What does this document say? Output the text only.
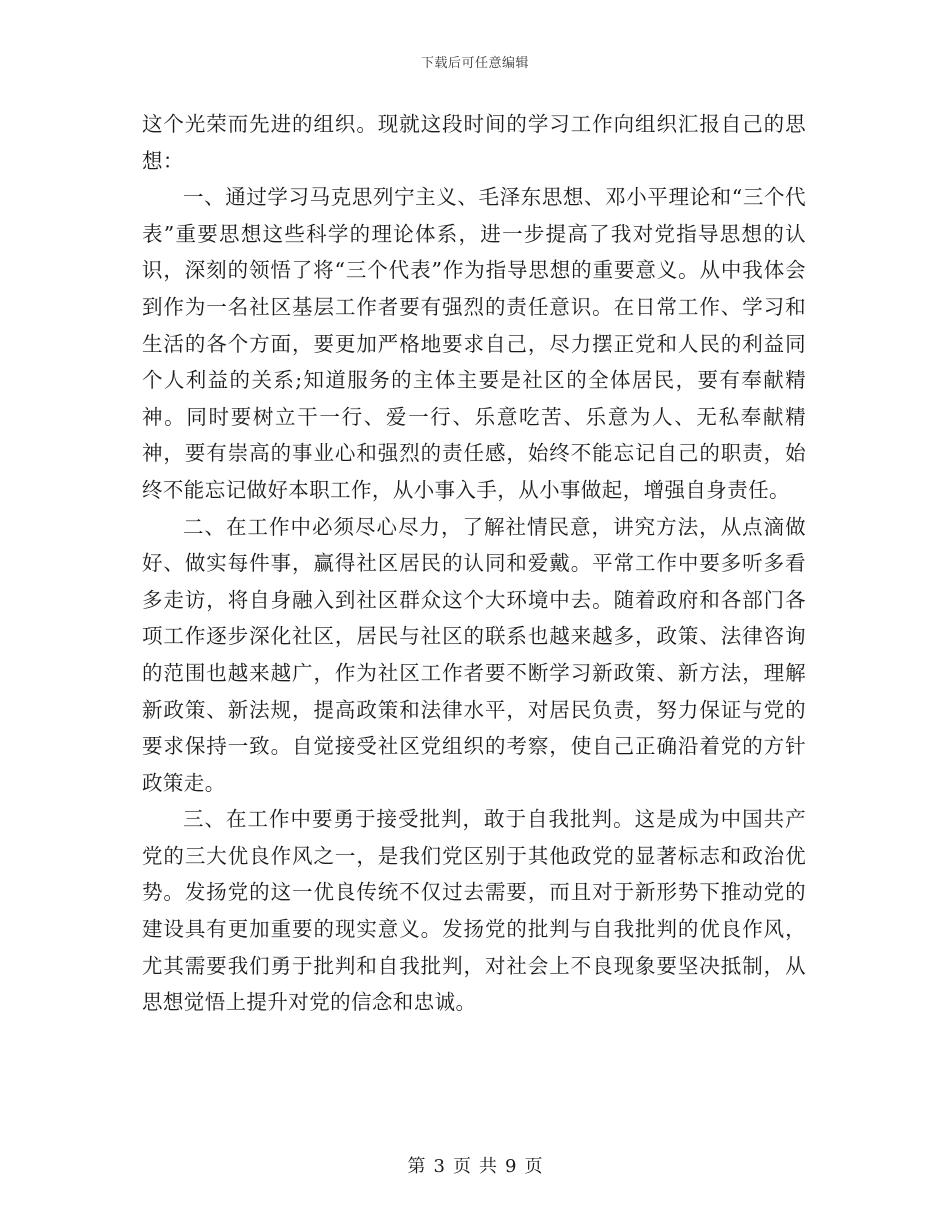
下载后可任意编辑

这个光荣而先进的组织。现就这段时间的学习工作向组织汇报自己的思想：

一、通过学习马克思列宁主义、毛泽东思想、邓小平理论和“三个代表”重要思想这些科学的理论体系，进一步提高了我对党指导思想的认识，深刻的领悟了将“三个代表”作为指导思想的重要意义。从中我体会到作为一名社区基层工作者要有强烈的责任意识。在日常工作、学习和生活的各个方面，要更加严格地要求自己，尽力摆正党和人民的利益同个人利益的关系;知道服务的主体主要是社区的全体居民，要有奉献精神。同时要树立干一行、爱一行、乐意吃苦、乐意为人、无私奉献精神，要有崇高的事业心和强烈的责任感，始终不能忘记自己的职责，始终不能忘记做好本职工作，从小事入手，从小事做起，增强自身责任。

二、在工作中必须尽心尽力，了解社情民意，讲究方法，从点滴做好、做实每件事，赢得社区居民的认同和爱戴。平常工作中要多听多看多走访，将自身融入到社区群众这个大环境中去。随着政府和各部门各项工作逐步深化社区，居民与社区的联系也越来越多，政策、法律咨询的范围也越来越广，作为社区工作者要不断学习新政策、新方法，理解新政策、新法规，提高政策和法律水平，对居民负责，努力保证与党的要求保持一致。自觉接受社区党组织的考察，使自己正确沿着党的方针政策走。

三、在工作中要勇于接受批判，敢于自我批判。这是成为中国共产党的三大优良作风之一，是我们党区别于其他政党的显著标志和政治优势。发扬党的这一优良传统不仅过去需要，而且对于新形势下推动党的建设具有更加重要的现实意义。发扬党的批判与自我批判的优良作风，尤其需要我们勇于批判和自我批判，对社会上不良现象要坚决抵制，从思想觉悟上提升对党的信念和忠诚。

第 3 页 共 9 页
